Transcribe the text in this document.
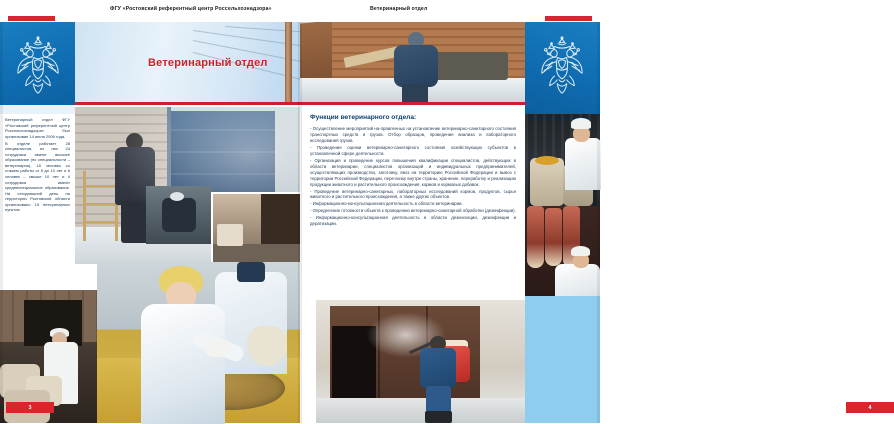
ФГУ «Ростовский референтный центр Россельхознадзора»	Ветеринарный отдел
Ветеринарный отдел

Ветеринарный отдел ФГУ «Ростовский референтный центр Россельхознадзора» был организован 14 июля 2006 года.

В отделе работает 28 специалистов, из них 24 сотрудника имеют высшее образование (по специальности – ветеринария), 18 человек со стажем работы от 5 до 10 лет и 6 человек – свыше 10 лет и 4 сотрудника имеют среднеспециальное образование. На сегодняшний день на территории Ростовской области организовано 15 ветеринарных пунктов.

3
Функции ветеринарного отдела:

- Осуществление мероприятий на-правленных на установление ветеринарно-санитарного состояния транспортных средств и грузов. Отбор образцов, проведение анализа и лабораторного исследования грузов.

- Проведение оценки ветеринарно-санитарного состояния хозяйствующих субъектов в установленной сфере деятельности.

- Организация и проведение курсов повышения квалификации специалистов, действующих в области ветеринарии, специалистов организаций и индивидуальных предпринимателей, осуществляющих производство, заготовку, ввоз на территорию Российской Федерации и вывоз с территории Российской Федерации, пере-возку внутри страны, хранение, переработку и реализацию продукции животного и растительного происхождения, кормов и кормовых добавок.

- Проведение ветеринарно-санитарных, лабораторных исследований кормов, продуктов, сырья животного и растительного происхождения, а также других объектов.

- Информационно-консультационная деятельность в области ветеринарии.

- Определение готовности объекта к проведению ветеринарно-санитарной обработки (дезинфекции).

- Информационно-консультационная деятельность в области дезинсекции, дезинфекции и дератизации.

4
